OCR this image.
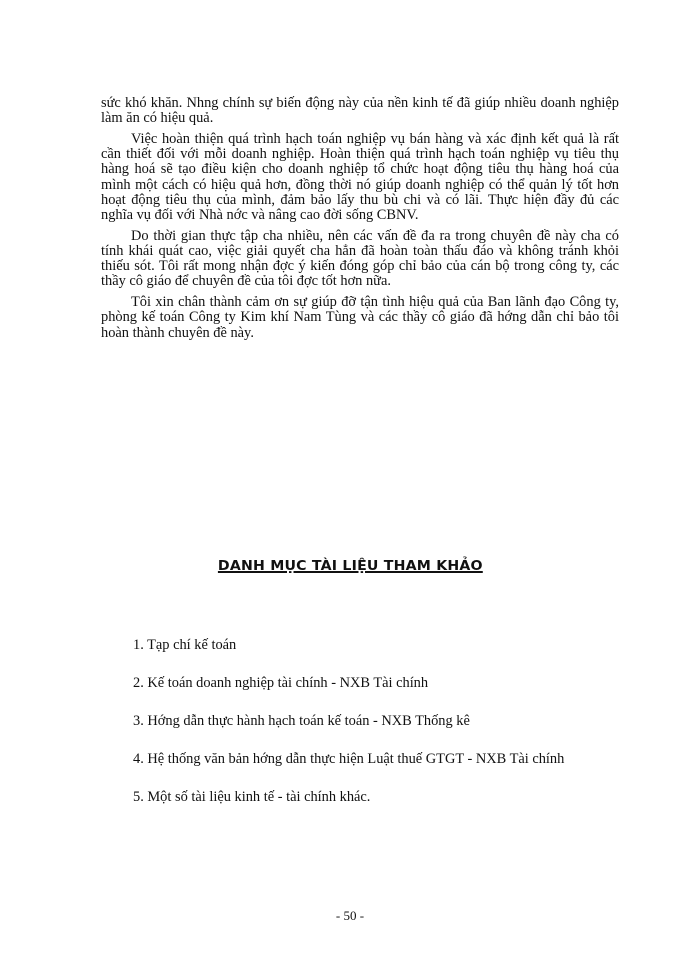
sức khó khăn. Nhng chính sự biến động này của nền kinh tế đã giúp nhiều doanh nghiệp làm ăn có hiệu quả.

Việc hoàn thiện quá trình hạch toán nghiệp vụ bán hàng và xác định kết quả là rất cần thiết đối với mỗi doanh nghiệp. Hoàn thiện quá trình hạch toán nghiệp vụ tiêu thụ hàng hoá sẽ tạo điều kiện cho doanh nghiệp tổ chức hoạt động tiêu thụ hàng hoá của mình một cách có hiệu quả hơn, đồng thời nó giúp doanh nghiệp có thể quản lý tốt hơn hoạt động tiêu thụ của mình, đảm bảo lấy thu bù chi và có lãi. Thực hiện đầy đủ các nghĩa vụ đối với Nhà nớc và nâng cao đời sống CBNV.

Do thời gian thực tập cha nhiều, nên các vấn đề đa ra trong chuyên đề này cha có tính khái quát cao, việc giải quyết cha hẳn đã hoàn toàn thấu đáo và không tránh khỏi thiếu sót. Tôi rất mong nhận đợc ý kiến đóng góp chỉ bảo của cán bộ trong công ty, các thầy cô giáo để chuyên đề của tôi đợc tốt hơn nữa.

Tôi xin chân thành cảm ơn sự giúp đỡ tận tình hiệu quả của Ban lãnh đạo Công ty, phòng kế toán Công ty Kim khí Nam Tùng và các thầy cô giáo đã hớng dẫn chỉ bảo tôi hoàn thành chuyên đề này.

DANH MỤC TÀI LIỆU THAM KHẢO
1. Tạp chí kế toán
2. Kế toán doanh nghiệp tài chính - NXB Tài chính
3. Hớng dẫn thực hành hạch toán kế toán - NXB Thống kê
4. Hệ thống văn bản hớng dẫn thực hiện Luật thuế GTGT - NXB Tài chính
5. Một số tài liệu kinh tế - tài chính khác.
- 50 -
